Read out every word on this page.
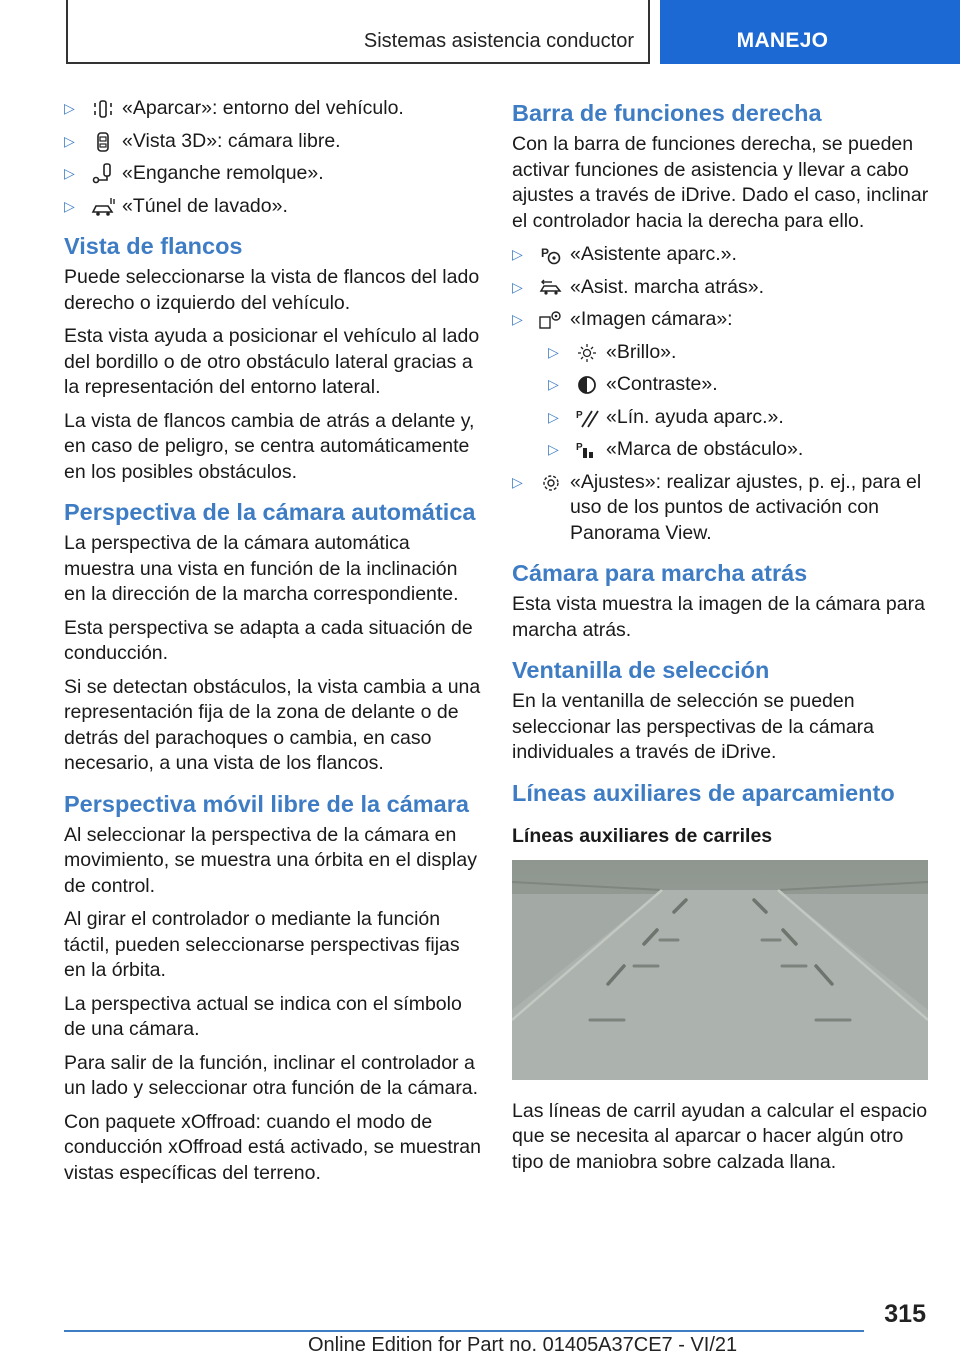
Sistemas asistencia conductor	MANEJO
▷ «Aparcar»: entorno del vehículo.
▷ «Vista 3D»: cámara libre.
▷ «Enganche remolque».
▷ «Túnel de lavado».
Vista de flancos

Puede seleccionarse la vista de flancos del lado derecho o izquierdo del vehículo.

Esta vista ayuda a posicionar el vehículo al lado del bordillo o de otro obstáculo lateral gracias a la representación del entorno lateral.

La vista de flancos cambia de atrás a delante y, en caso de peligro, se centra automáticamente en los posibles obstáculos.

Perspectiva de la cámara automática

La perspectiva de la cámara automática muestra una vista en función de la inclinación en la dirección de la marcha correspondiente.

Esta perspectiva se adapta a cada situación de conducción.

Si se detectan obstáculos, la vista cambia a una representación fija de la zona de delante o de detrás del parachoques o cambia, en caso necesario, a una vista de los flancos.

Perspectiva móvil libre de la cámara

Al seleccionar la perspectiva de la cámara en movimiento, se muestra una órbita en el display de control.

Al girar el controlador o mediante la función táctil, pueden seleccionarse perspectivas fijas en la órbita.

La perspectiva actual se indica con el símbolo de una cámara.

Para salir de la función, inclinar el controlador a un lado y seleccionar otra función de la cámara.

Con paquete xOffroad: cuando el modo de conducción xOffroad está activado, se muestran vistas específicas del terreno.

Barra de funciones derecha

Con la barra de funciones derecha, se pueden activar funciones de asistencia y llevar a cabo ajustes a través de iDrive. Dado el caso, inclinar el controlador hacia la derecha para ello.

▷ P «Asistente aparc.».
▷ «Asist. marcha atrás».
▷ «Imagen cámara»:
▷ «Brillo».
▷ «Contraste».
▷ P «Lín. ayuda aparc.».
▷ P «Marca de obstáculo».
▷ «Ajustes»: realizar ajustes, p. ej., para el uso de los puntos de activación con Panorama View.
Cámara para marcha atrás

Esta vista muestra la imagen de la cámara para marcha atrás.

Ventanilla de selección

En la ventanilla de selección se pueden seleccionar las perspectivas de la cámara individuales a través de iDrive.

Líneas auxiliares de aparcamiento
Líneas auxiliares de carriles

Las líneas de carril ayudan a calcular el espacio que se necesita al aparcar o hacer algún otro tipo de maniobra sobre calzada llana.

315
Online Edition for Part no. 01405A37CE7 - VI/21
